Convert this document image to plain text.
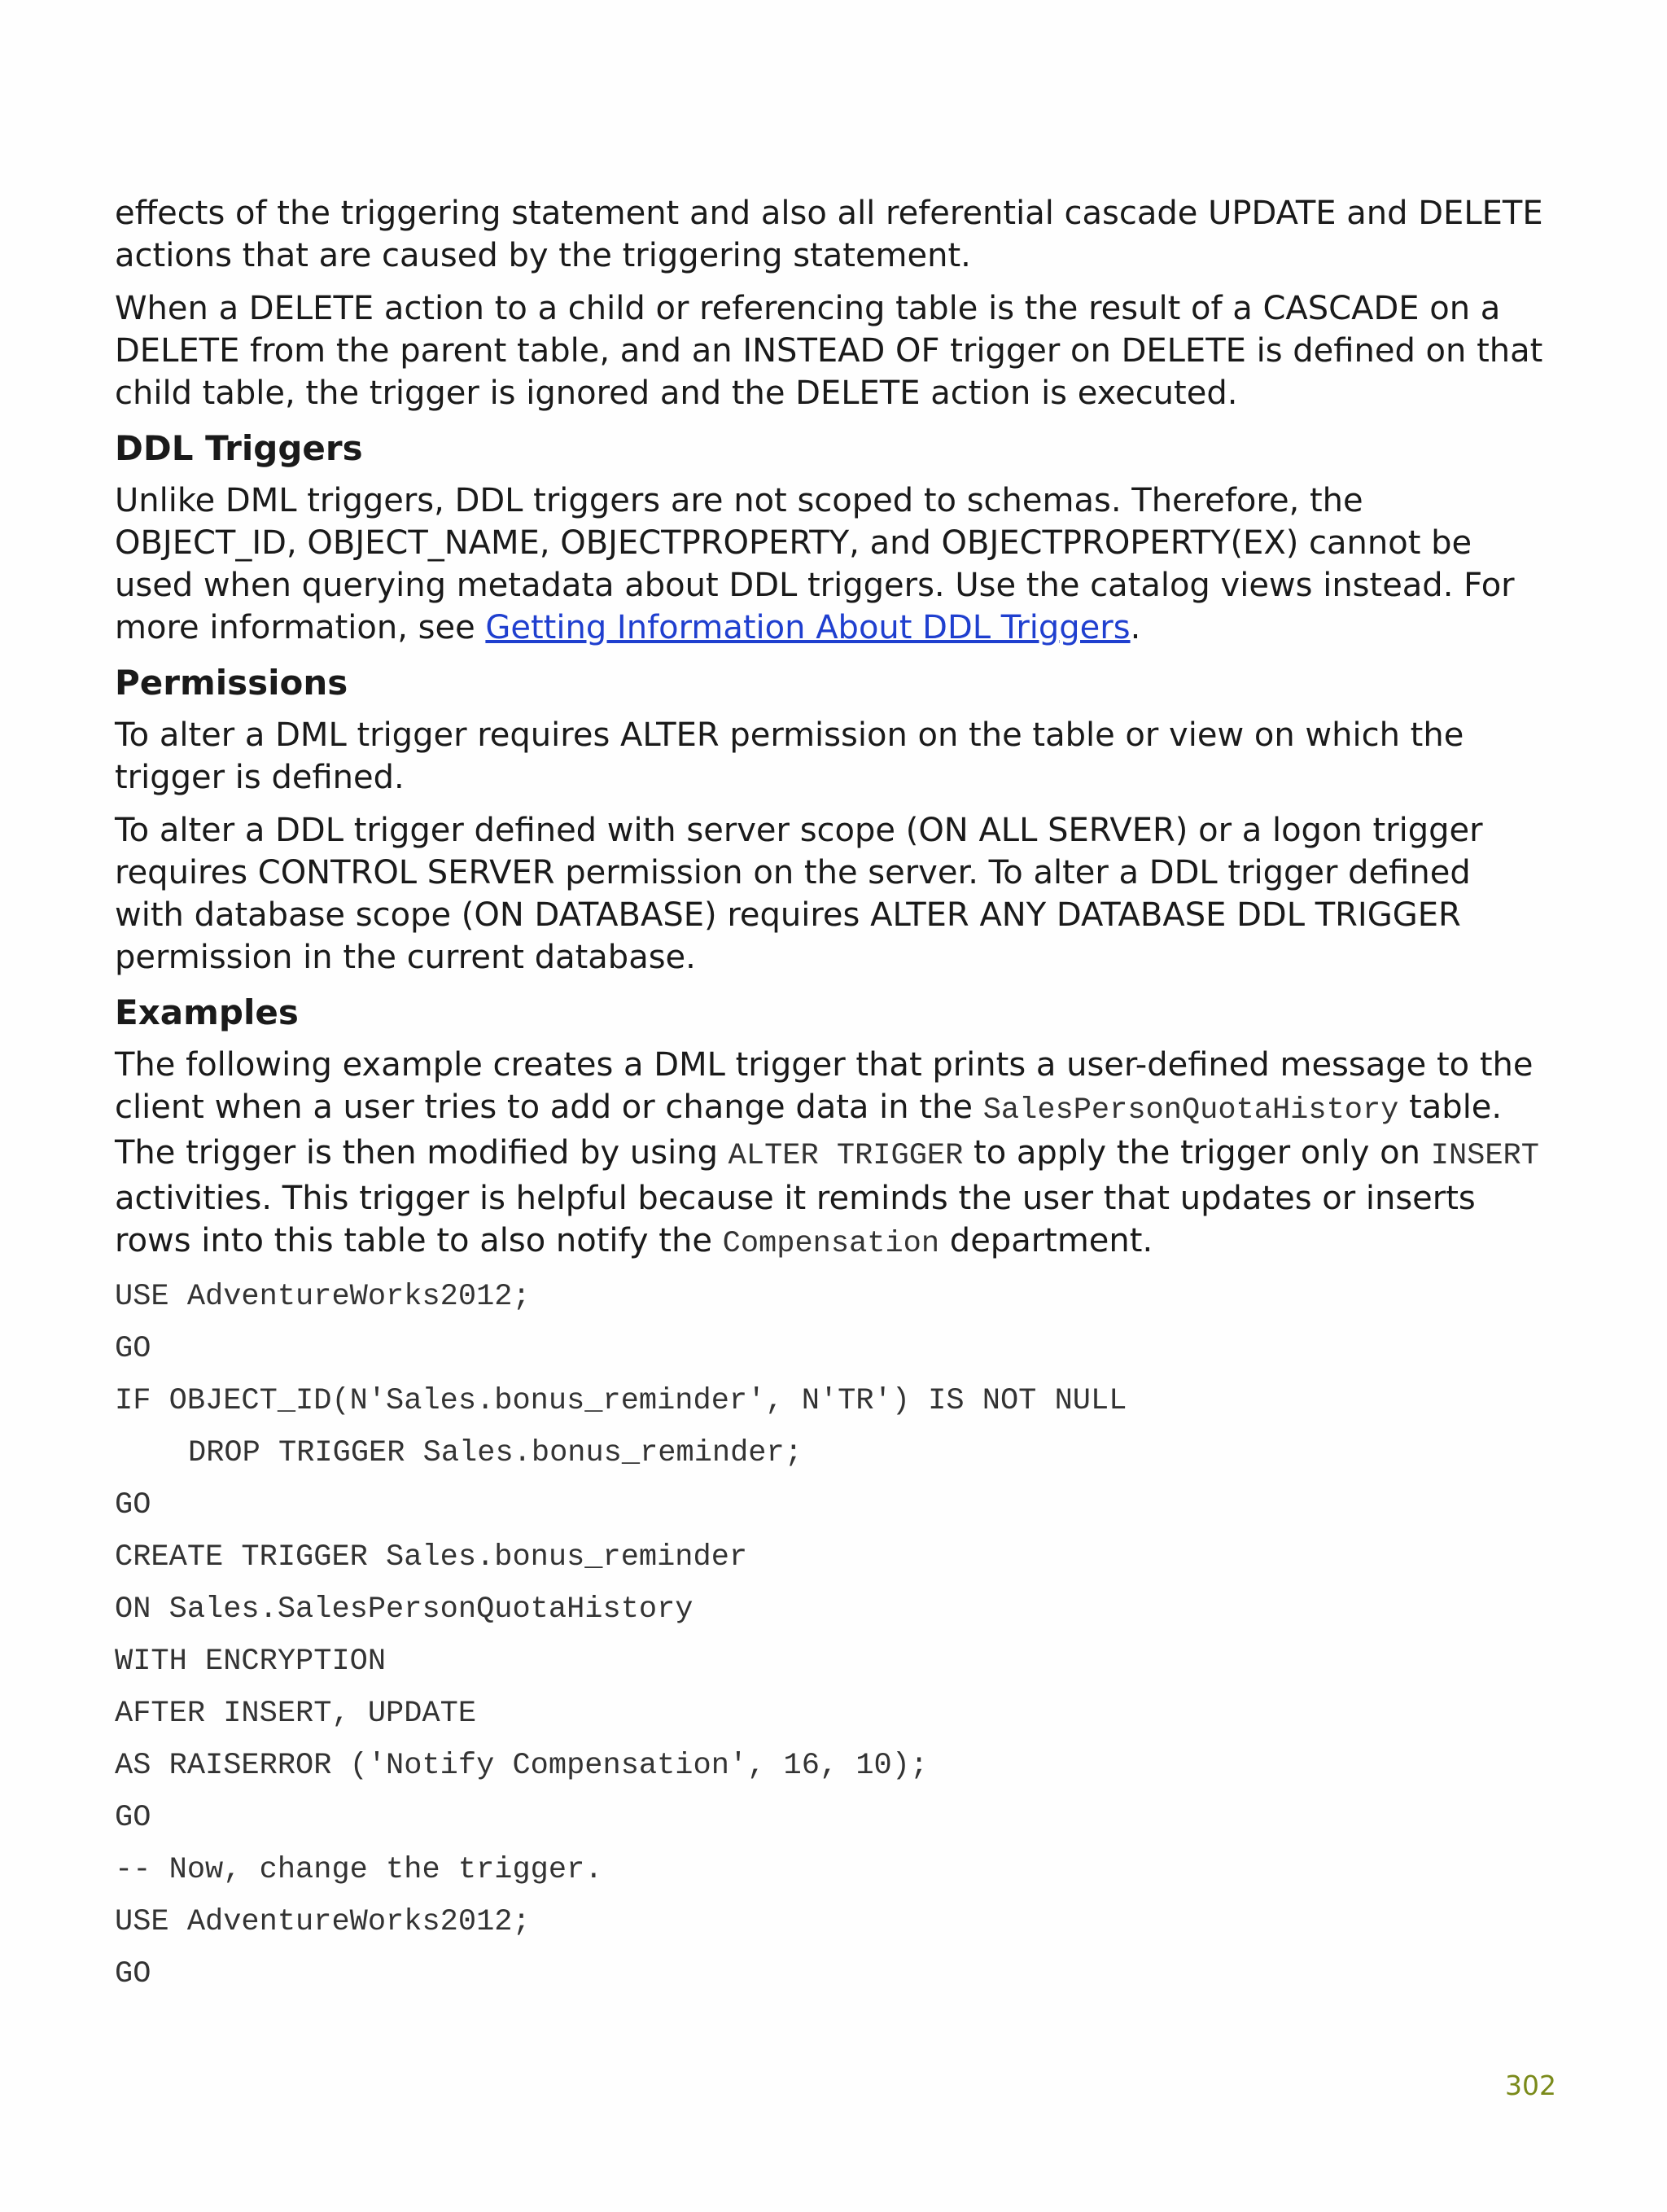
effects of the triggering statement and also all referential cascade UPDATE and DELETE actions that are caused by the triggering statement.

When a DELETE action to a child or referencing table is the result of a CASCADE on a DELETE from the parent table, and an INSTEAD OF trigger on DELETE is defined on that child table, the trigger is ignored and the DELETE action is executed.

DDL Triggers

Unlike DML triggers, DDL triggers are not scoped to schemas. Therefore, the OBJECT_ID, OBJECT_NAME, OBJECTPROPERTY, and OBJECTPROPERTY(EX) cannot be used when querying metadata about DDL triggers. Use the catalog views instead. For more information, see Getting Information About DDL Triggers.

Permissions

To alter a DML trigger requires ALTER permission on the table or view on which the trigger is defined.

To alter a DDL trigger defined with server scope (ON ALL SERVER) or a logon trigger requires CONTROL SERVER permission on the server. To alter a DDL trigger defined with database scope (ON DATABASE) requires ALTER ANY DATABASE DDL TRIGGER permission in the current database.

Examples

The following example creates a DML trigger that prints a user-defined message to the client when a user tries to add or change data in the SalesPersonQuotaHistory table. The trigger is then modified by using ALTER TRIGGER to apply the trigger only on INSERT activities. This trigger is helpful because it reminds the user that updates or inserts rows into this table to also notify the Compensation department.

USE AdventureWorks2012;
GO
IF OBJECT_ID(N'Sales.bonus_reminder', N'TR') IS NOT NULL
DROP TRIGGER Sales.bonus_reminder;
GO
CREATE TRIGGER Sales.bonus_reminder
ON Sales.SalesPersonQuotaHistory
WITH ENCRYPTION
AFTER INSERT, UPDATE
AS RAISERROR ('Notify Compensation', 16, 10);
GO
-- Now, change the trigger.
USE AdventureWorks2012;
GO
302
